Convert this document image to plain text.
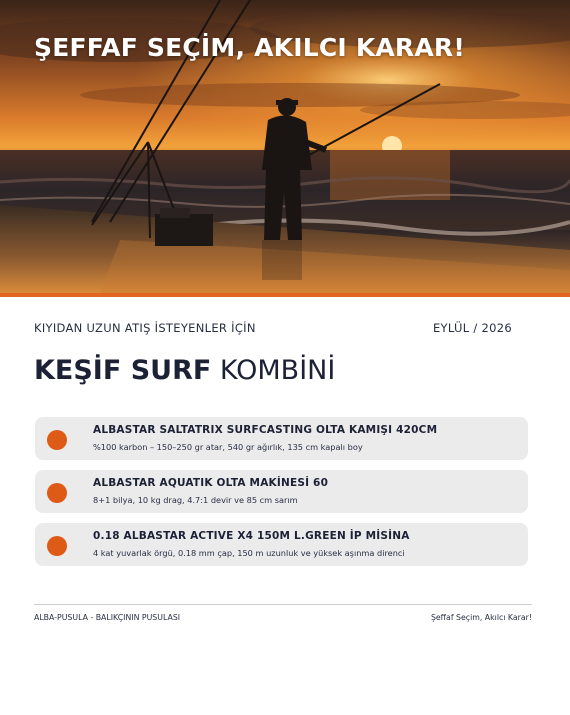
ŞEFFAF SEÇİM, AKILCI KARAR!
KIYIDAN UZUN ATIŞ İSTEYENLER İÇİN	EYLÜL / 2026
KEŞİF SURF KOMBİNİ
ALBASTAR SALTATRIX SURFCASTING OLTA KAMIŞI 420CM
%100 karbon – 150–250 gr atar, 540 gr ağırlık, 135 cm kapalı boy
ALBASTAR AQUATIK OLTA MAKİNESİ 60
8+1 bilya, 10 kg drag, 4.7:1 devir ve 85 cm sarım
0.18 ALBASTAR ACTIVE X4 150M L.GREEN İP MİSİNA
4 kat yuvarlak örgü, 0.18 mm çap, 150 m uzunluk ve yüksek aşınma direnci
ALBA-PUSULA - BALIKÇININ PUSULASI	Şeffaf Seçim, Akılcı Karar!
